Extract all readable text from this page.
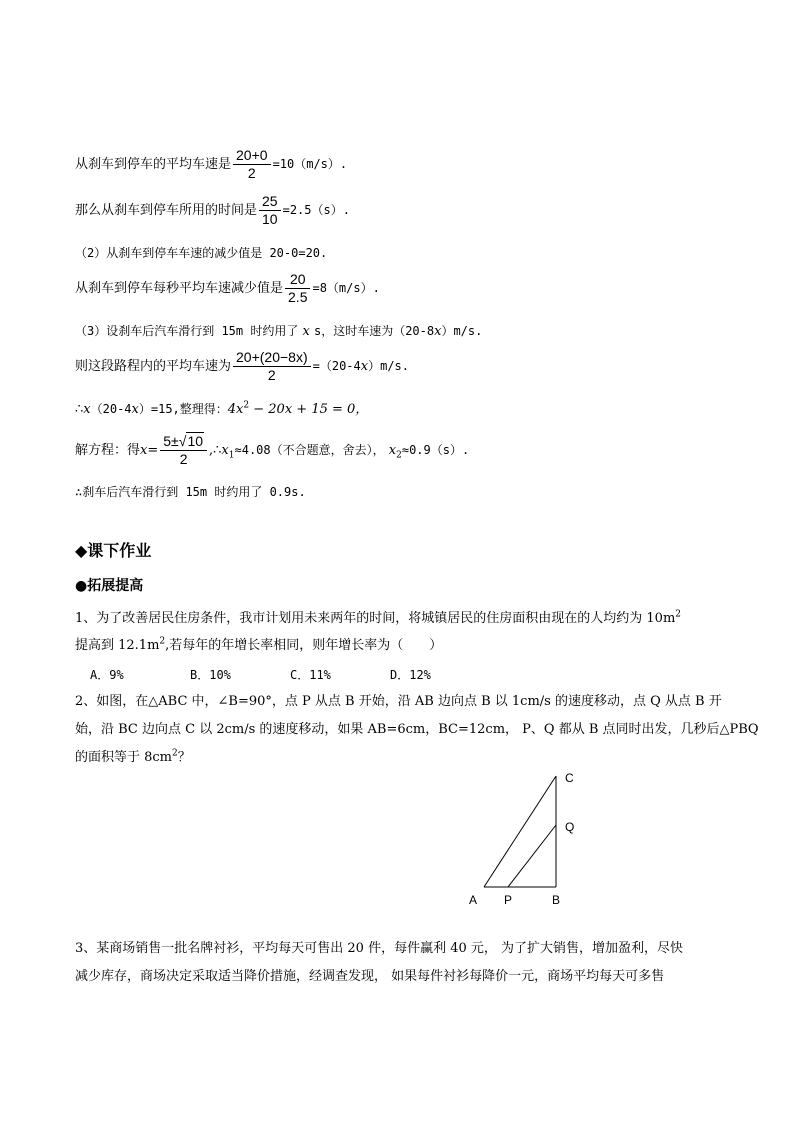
从刹车到停车的平均车速是 $\frac{20+0}{2} =10(m/s)$.
那么从刹车到停车所用的时间是 $\frac{25}{10} =2.5(s)$.
（2）从刹车到停车车速的减少值是 20-0=20.
从刹车到停车每秒平均车速减少值是 $\frac{20}{2.5} =8(m/s)$.
（3）设刹车后汽车滑行到 15m 时约用了 x s，这时车速为（20-8x）m/s.
则这段路程内的平均车速为 $\frac{20+(20-8x)}{2} =(20-4x)m/s$.
∴x（20-4x）=15,整理得：$4x^2 - 20x + 15 = 0$，
解方程：得$x= \frac{5\pm√10}{2}$ $,\therefore x_1\approx 4.08$（不合题意，舍去）， $x_2\approx 0.9(s)$.
∴刹车后汽车滑行到 15m 时约用了 0.9s.
◆课下作业
●拓展提高
1、为了改善居民住房条件，我市计划用未来两年的时间，将城镇居民的住房面积由现在的人均约为 $10m^2$
提高到 $12.1m^2$,若每年的年增长率相同，则年增长率为（　　）
A．9%	B．10%	C．11%	D．12%
2、如图，在△ABC 中，∠B=90°，点 P 从点 B 开始，沿 AB 边向点 B 以 1cm/s 的速度移动，点 Q 从点 B 开
始，沿 BC 边向点 C 以 2cm/s 的速度移动，如果 AB=6cm，BC=12cm， P、Q 都从 B 点同时出发，几秒后△PBQ
的面积等于 $8cm^2$？
C
Q
A P	B
3、某商场销售一批名牌衬衫，平均每天可售出 20 件，每件赢利 40 元， 为了扩大销售，增加盈利，尽快
减少库存，商场决定采取适当降价措施，经调查发现， 如果每件衬衫每降价一元，商场平均每天可多售
